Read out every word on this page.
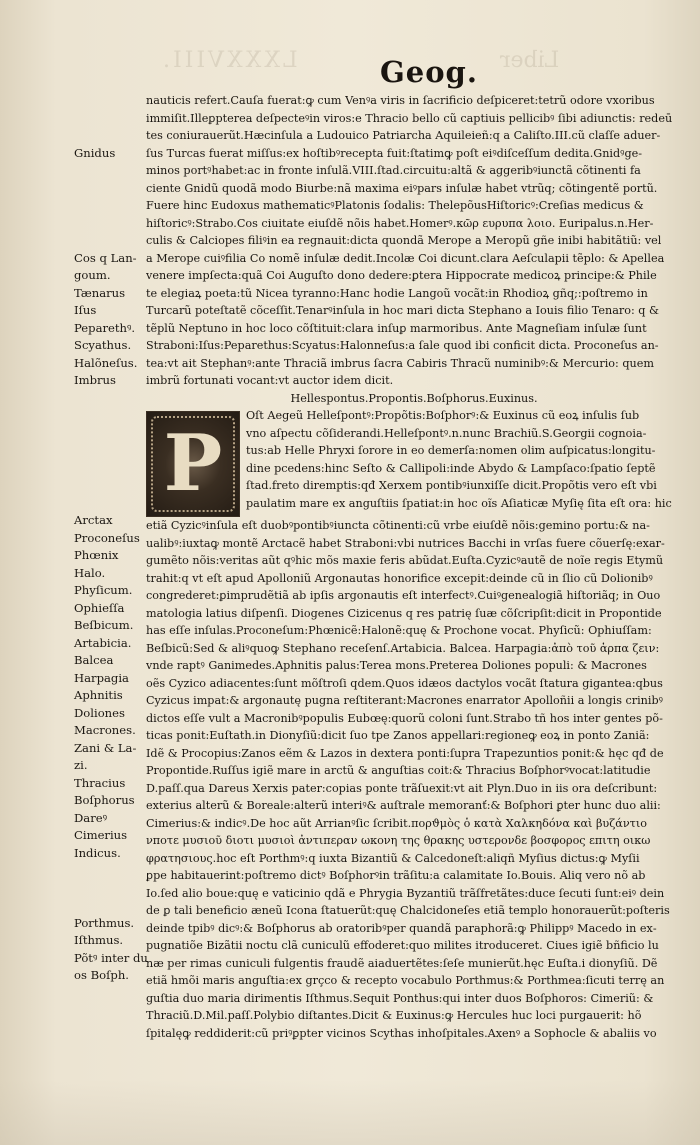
LXXXVIII.	Liber
Geog.
nauticis refert.Cauſa fuerat:ꝙ cum Venꝰa viris in ſacrificio deſpiceret:tetrũ odore vxoribus
immiſit.Illeꝑpterea deſpecteꝰin viros:e Thracio bello cũ captiuis pellicibꝰ ſibi adiunctis: redeū
tes coniurauerũt.Hæcinſula a Ludouico Patriarcha Aquileieñ:q a Caliſto.III.cũ claſſe aduer‑
ſus Turcas fuerat miſſus:ex hoſtibꝰrecepta fuit:ſtatimꝙ poſt eiꝰdiſceſſum dedita.Gnidꝰge‑
minos portꝰhabet:ac in fronte inſulã.VIII.ſtad.circuitu:altã & aggeribꝰiunctã cõtinenti fa
ciente Gnidũ quodã modo Biurbe:nã maxima eiꝰpars inſulæ habet vtrũq; cõtingentẽ portũ.
Fuere hinc Eudoxus mathematicꝰPlatonis ſodalis: ThelepõusHiſtoricꝰ:Creſias medicus &
hiſtoricꝰ:Strabo.Cos ciuitate eiuſdẽ nõis habet.Homerꝰ.κῶρ ευρυπα λοιο. Euripalus.n.Her‑
culis & Calciopes filiꝰin ea regnauit:dicta quondã Merope a Meropũ gñe inibi habitãtiũ: vel
a Merope cuiꝰfilia Co nomẽ inſulæ dedit.Incolæ Coi dicunt.clara Aeſculapii tẽplo: & Apellea
venere impſecta:quã Coi Auguſto dono dedere:ꝑtera Hippocrate medicoꝝ principe:& Phile
te elegiaꝝ poeta:tũ Nicea tyranno:Hanc hodie Langoũ vocãt:in Rhodioꝝ gñq;:poſtremo in
Turcarũ poteſtatẽ cõceſſit.Tenarꝰinſula in hoc mari dicta Stephano a Iouis filio Tenaro: q &
tẽplũ Neptuno in hoc loco cõſtituit:clara inſuꝑ marmoribus. Ante Magneſiam inſulæ ſunt
Straboni:Iſus:Peparethus:Scyatus:Halonneſus:a ſale quod ibi conficit dicta. Proconeſus an‑
tea:vt ait Stephanꝰ:ante Thraciã imbrus ſacra Cabiris Thracũ numinibꝰ:& Mercurio: quem
imbrũ fortunati vocant:vt auctor idem dicit.
Hellespontus.Propontis.Boſphorus.Euxinus.
P
Oſt Aegeũ Helleſpontꝰ:Propõtis:Boſphorꝰ:& Euxinus cũ eoꝝ inſulis ſub
vno aſpectu cõſiderandi.Helleſpontꝰ.n.nunc Brachiũ.S.Georgii cognoia‑
tus:ab Helle Phryxi ſorore in eo demerſa:nomen olim auſpicatus:longitu‑
dine pcedens:hinc Seſto & Callipoli:inde Abydo & Lampſaco:ſpatio ſeptẽ
ſtad.freto diremptis:qđ Xerxem pontibꝰiunxiſſe dicit.Propõtis vero eſt vbi
paulatim mare ex anguſtiis ſpatiat:in hoc oĩs Aſiaticæ Myſię ſita eſt ora: hic
etiã Cyzicꝰinſula eſt duobꝰpontibꝰiuncta cõtinenti:cũ vrbe eiuſdẽ nõis:gemino portu:& na‑
ualibꝰ:iuxtaꝙ montẽ Arctacẽ habet Straboni:vbi nutrices Bacchi in vrſas fuere cõuerſę:exar‑
gumẽto nõis:veritas aũt qꝰhic mõs maxie feris abũdat.Euſta.Cyzicꝰautẽ de noĩe regis Etymũ
trahit:q vt eſt apud Apolloniũ Argonautas honorifice excepit:deinde cũ in ſlio cũ Dolionibꝰ
congrederet:ꝑimprudẽtiã ab ipſis argonautis eſt interfectꝰ.Cuiꝰgenealogiã hiſtoriãq; in Ouo
matologia latius diſpenſi. Diogenes Cizicenus q res patrię ſuæ cõſcripſit:dicit in Propontide
has eſſe inſulas.Proconeſum:Phœnicẽ:Halonẽ:quę & Prochone vocat. Phyſicũ: Ophiuſſam:
Beſbicũ:Sed & aliꝰquoꝙ Stephano receſenſ.Artabicia. Balcea. Harpagia:ἀπὸ τοῦ ἁρπα ζειν:
vnde raptꝰ Ganimedes.Aphnitis palus:Terea mons.Preterea Doliones populi: & Macrones
oẽs Cyzico adiacentes:ſunt mõſtroſi qdem.Quos idæos dactylos vocãt ſtatura gigantea:qbus
Cyzicus impat:& argonautę pugna reſtiterant:Macrones enarrator Apolloñii a longis crinibꝰ
dictos eſſe vult a Macronibꝰpopulis Eubœę:quorũ coloni ſunt.Strabo tñ hos inter gentes põ‑
ticas ponit:Euſtath.in Dionyſiũ:dicit ſuo tpe Zanos appellari:regioneꝙ eoꝝ in ponto Zaniã:
Idẽ & Procopius:Zanos eẽm & Lazos in dextera ponti:ſupra Trapezuntios ponit:& hęc qđ de
Propontide.Ruſſus igiẽ mare in arctũ & anguſtias coit:& Thracius Boſphorꝰvocat:latitudie
D.paſſ.qua Dareus Xerxis pater:copias ponte trãſuexit:vt ait Plyn.Duo in iis ora deſcribunt:
exterius alterũ & Boreale:alterũ interiꝰ& auſtrale memoranť:& Boſphori ꝑter hunc duo alii:
Cimerius:& indicꝰ.De hoc aũt Arrianꝰſic ſcribit.πορϑμὸς ὁ κατὰ Χαλκηδόνα καὶ βυζάντιο
νποτε μυσιοῦ διοτι μυσιοὶ ἀντιπεραν ωκονη της θρακης υστερονδε βοσφορος επιτη οικω
φρατησιους.hoc eſt Porthmꝰ:q iuxta Bizantiũ & Calcedoneſt:aliqñ Myſius dictus:ꝙ Myſii
ꝑpe habitauerint:poſtremo dictꝰ Boſphorꝰin trãſitu:a calamitate Io.Bouis. Aliq vero nõ ab
Io.ſed alio boue:quę e vaticinio qdã e Phrygia Byzantiũ trãſfretãtes:duce ſecuti ſunt:eiꝰ dein
de ꝑ tali beneficio æneũ Icona ſtatuerũt:quę Chalcidoneſes etiã templo honorauerũt:poſteris
deinde tpibꝰ dicꝰ:& Boſphorus ab oratoribꝰper quandã paraphorã:ꝙ Philippꝰ Macedo in ex‑
pugnatiõe Bizãtii noctu clã cuniculũ effoderet:quo milites itroduceret. Ciues igiẽ bñficio lu
næ per rimas cuniculi fulgentis fraudẽ aiaduertẽtes:ſeſe munierũt.hęc Euſta.i dionyſiũ. Dẽ
etiã hmõi maris anguſtia:ex grçco & recepto vocabulo Porthmus:& Porthmea:ſicuti terrę an
guſtia duo maria dirimentis Iſthmus.Sequit Ponthus:qui inter duos Boſphoros: Cimeriũ: &
Thraciũ.D.Mil.paſſ.Polybio diſtantes.Dicit & Euxinus:ꝙ Hercules huc loci purgauerit: hõ
ſpitalęꝙ reddiderit:cũ priꝰꝑpter vicinos Scythas inhoſpitales.Axenꝰ a Sophocle & abaliis vo
Gnidus
Cos q Lan‑
goum.
Tænarus
Iſus
Peparethꝰ.
Scyathus.
Halõneſus.
Imbrus
Arctax
Proconeſus
Phœnix
Halo.
Phyſicum.
Ophieſſa
Beſbicum.
Artabicia.
Balcea
Harpagia
Aphnitis
Doliones
Macrones.
Zani & La‑
zi.
Thracius
Boſphorus
Dareꝰ
Cimerius
Indicus.
Porthmus.
Iſthmus.
Põtꝰ inter du
os Boſph.
